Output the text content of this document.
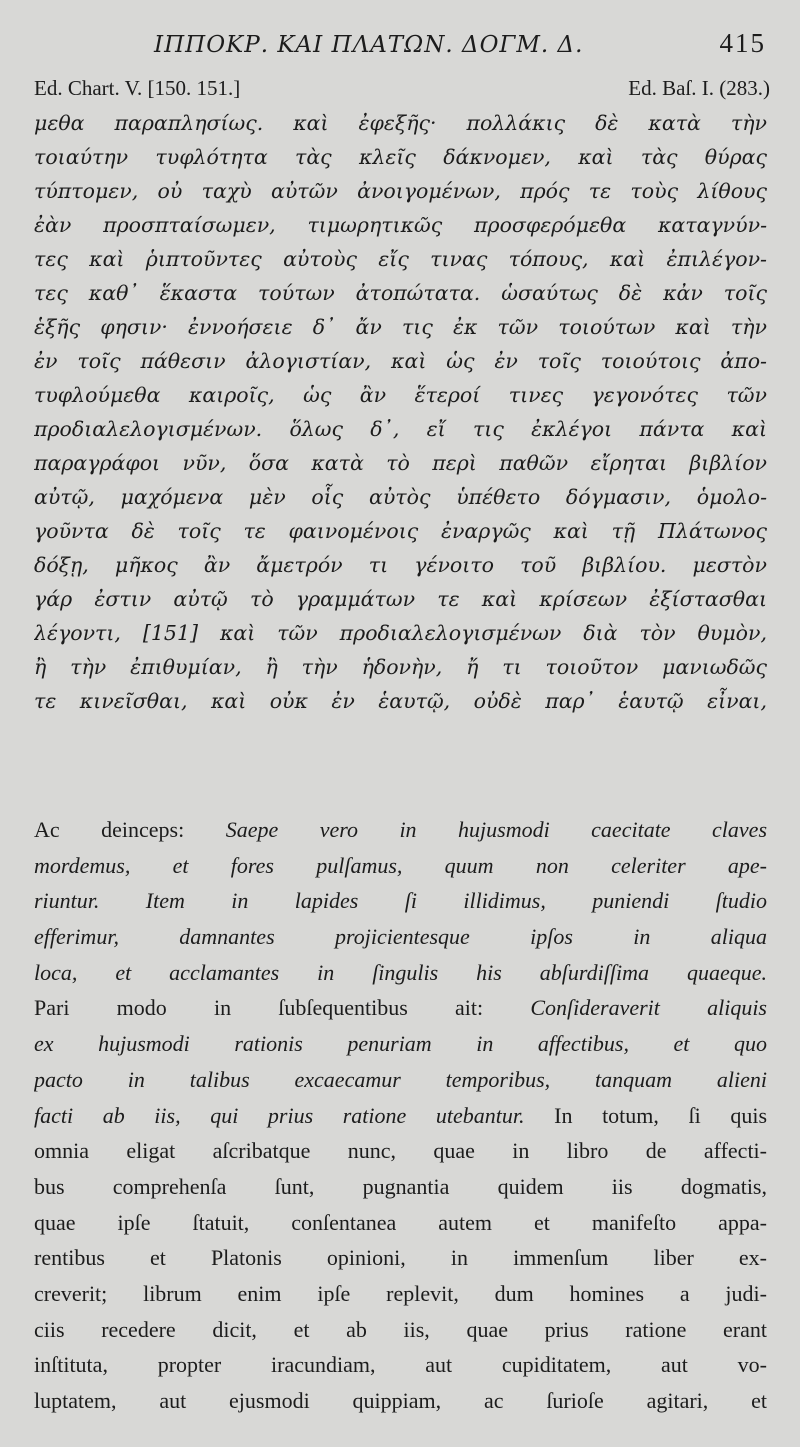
ΙΠΠΟΚΡ. ΚΑΙ ΠΛΑΤΩΝ. ΔΟΓΜ. Δ.	415
Ed. Chart. V. [150. 151.]	Ed. Baſ. I. (283.)
μεθα παραπλησίως. καὶ ἐφεξῆς· πολλάκις δὲ κατὰ τὴν
τοιαύτην τυφλότητα τὰς κλεῖς δάκνομεν, καὶ τὰς θύρας
τύπτομεν, οὐ ταχὺ αὐτῶν ἀνοιγομένων, πρός τε τοὺς λίθους
ἐὰν προσπταίσωμεν, τιμωρητικῶς προσφερόμεθα καταγνύν-
τες καὶ ῥιπτοῦντες αὐτοὺς εἴς τινας τόπους, καὶ ἐπιλέγον-
τες καθ᾽ ἕκαστα τούτων ἀτοπώτατα. ὡσαύτως δὲ κἀν τοῖς
ἑξῆς φησιν· ἐννοήσειε δ᾽ ἄν τις ἐκ τῶν τοιούτων καὶ τὴν
ἐν τοῖς πάθεσιν ἀλογιστίαν, καὶ ὡς ἐν τοῖς τοιούτοις ἀπο-
τυφλούμεθα καιροῖς, ὡς ἂν ἕτεροί τινες γεγονότες τῶν
προδιαλελογισμένων. ὅλως δ᾽, εἴ τις ἐκλέγοι πάντα καὶ
παραγράφοι νῦν, ὅσα κατὰ τὸ περὶ παθῶν εἴρηται βιβλίον
αὐτῷ, μαχόμενα μὲν οἷς αὐτὸς ὑπέθετο δόγμασιν, ὁμολο-
γοῦντα δὲ τοῖς τε φαινομένοις ἐναργῶς καὶ τῇ Πλάτωνος
δόξῃ, μῆκος ἂν ἄμετρόν τι γένοιτο τοῦ βιβλίου. μεστὸν
γάρ ἐστιν αὐτῷ τὸ γραμμάτων τε καὶ κρίσεων ἐξίστασθαι
λέγοντι, [151] καὶ τῶν προδιαλελογισμένων διὰ τὸν θυμὸν,
ἢ τὴν ἐπιθυμίαν, ἢ τὴν ἡδονὴν, ἤ τι τοιοῦτον μανιωδῶς
τε κινεῖσθαι, καὶ οὐκ ἐν ἑαυτῷ, οὐδὲ παρ᾽ ἑαυτῷ εἶναι,
Ac deinceps: Saepe vero in hujusmodi caecitate claves
mordemus, et fores pulſamus, quum non celeriter ape-
riuntur. Item in lapides ſi illidimus, puniendi ſtudio
efferimur, damnantes projicientesque ipſos in aliqua
loca, et acclamantes in ſingulis his abſurdiſſima quaeque.
Pari modo in ſubſequentibus ait: Conſideraverit aliquis
ex hujusmodi rationis penuriam in affectibus, et quo
pacto in talibus excaecamur temporibus, tanquam alieni
facti ab iis, qui prius ratione utebantur. In totum, ſi quis
omnia eligat aſcribatque nunc, quae in libro de affecti-
bus comprehenſa ſunt, pugnantia quidem iis dogmatis,
quae ipſe ſtatuit, conſentanea autem et manifeſto appa-
rentibus et Platonis opinioni, in immenſum liber ex-
creverit; librum enim ipſe replevit, dum homines a judi-
ciis recedere dicit, et ab iis, quae prius ratione erant
inſtituta, propter iracundiam, aut cupiditatem, aut vo-
luptatem, aut ejusmodi quippiam, ac ſurioſe agitari, et
